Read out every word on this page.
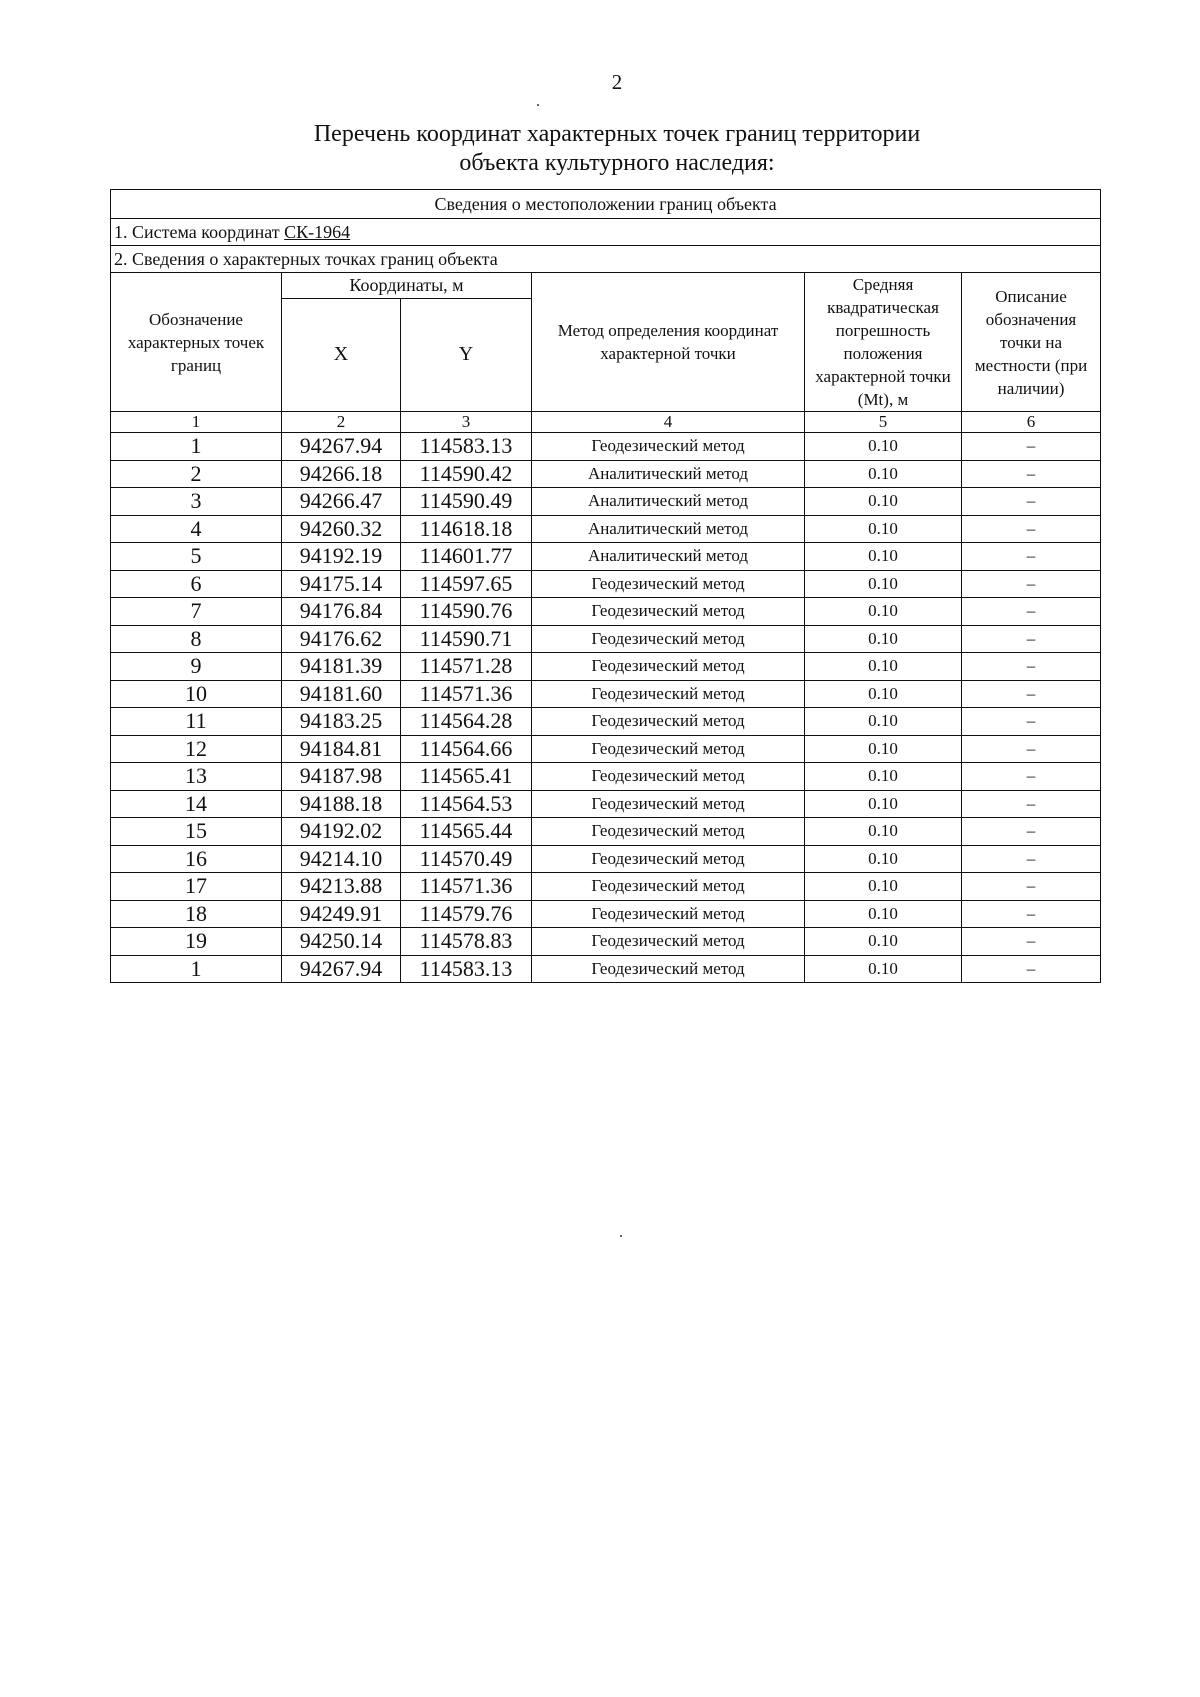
2
Перечень координат характерных точек границ территории
объекта культурного наследия:
Сведения о местоположении границ объекта					
1. Система координат СК-1964					
2. Сведения о характерных точках границ объекта					
Обозначение характерных точек границ	Координаты, м		Метод определения координат характерной точки	Средняя квадратическая погрешность положения характерной точки (Mt), м	Описание обозначения точки на местности (при наличии)
	X	Y			
1	2	3	4	5	6
1	94267.94	114583.13	Геодезический метод	0.10	–
2	94266.18	114590.42	Аналитический метод	0.10	–
3	94266.47	114590.49	Аналитический метод	0.10	–
4	94260.32	114618.18	Аналитический метод	0.10	–
5	94192.19	114601.77	Аналитический метод	0.10	–
6	94175.14	114597.65	Геодезический метод	0.10	–
7	94176.84	114590.76	Геодезический метод	0.10	–
8	94176.62	114590.71	Геодезический метод	0.10	–
9	94181.39	114571.28	Геодезический метод	0.10	–
10	94181.60	114571.36	Геодезический метод	0.10	–
11	94183.25	114564.28	Геодезический метод	0.10	–
12	94184.81	114564.66	Геодезический метод	0.10	–
13	94187.98	114565.41	Геодезический метод	0.10	–
14	94188.18	114564.53	Геодезический метод	0.10	–
15	94192.02	114565.44	Геодезический метод	0.10	–
16	94214.10	114570.49	Геодезический метод	0.10	–
17	94213.88	114571.36	Геодезический метод	0.10	–
18	94249.91	114579.76	Геодезический метод	0.10	–
19	94250.14	114578.83	Геодезический метод	0.10	–
1	94267.94	114583.13	Геодезический метод	0.10	–
